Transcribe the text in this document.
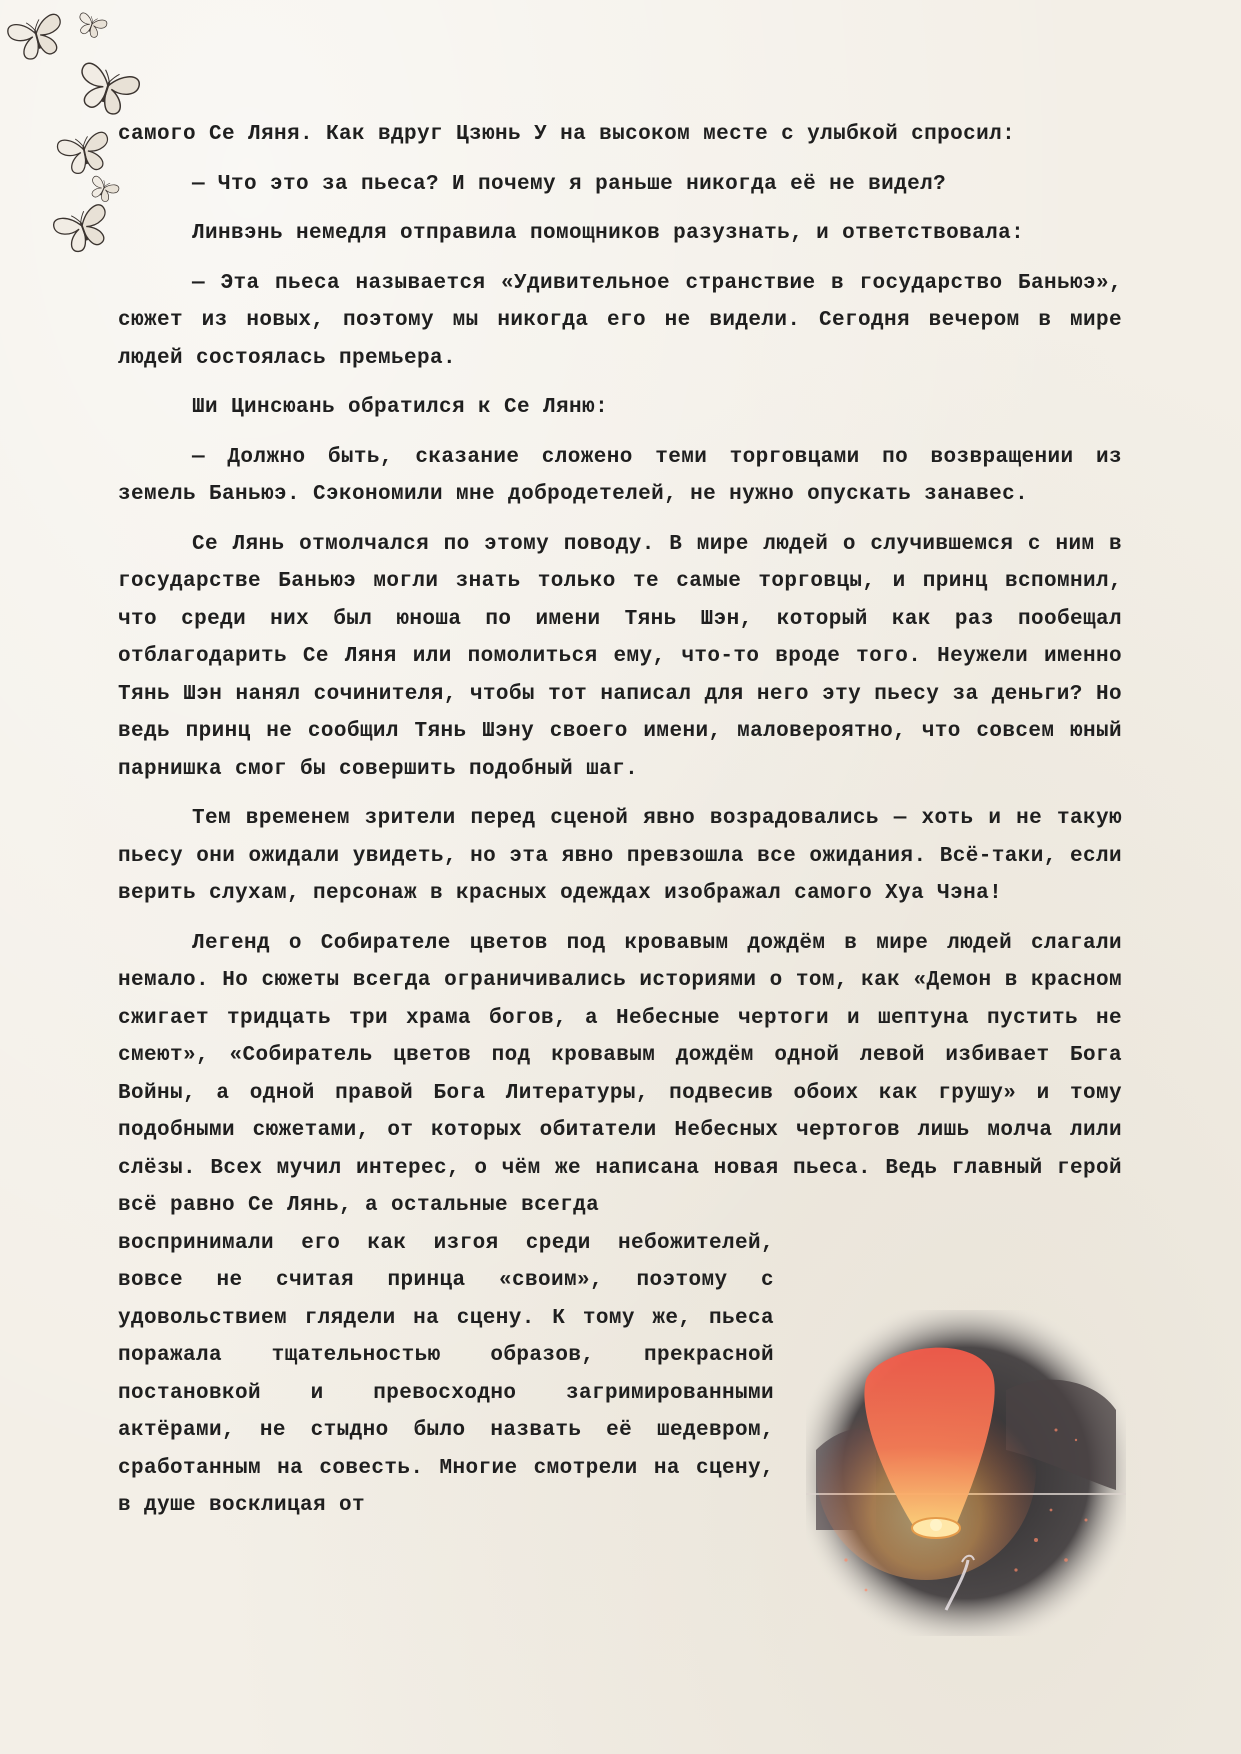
самого Се Ляня. Как вдруг Цзюнь У на высоком месте с улыбкой спросил:

— Что это за пьеса? И почему я раньше никогда её не видел?

Линвэнь немедля отправила помощников разузнать, и ответствовала:

— Эта пьеса называется «Удивительное странствие в государство Баньюэ», сюжет из новых, поэтому мы никогда его не видели. Сегодня вечером в мире людей состоялась премьера.

Ши Цинсюань обратился к Се Ляню:

— Должно быть, сказание сложено теми торговцами по возвращении из земель Баньюэ. Сэкономили мне добродетелей, не нужно опускать занавес.

Се Лянь отмолчался по этому поводу. В мире людей о случившемся с ним в государстве Баньюэ могли знать только те самые торговцы, и принц вспомнил, что среди них был юноша по имени Тянь Шэн, который как раз пообещал отблагодарить Се Ляня или помолиться ему, что-то вроде того. Неужели именно Тянь Шэн нанял сочинителя, чтобы тот написал для него эту пьесу за деньги? Но ведь принц не сообщил Тянь Шэну своего имени, маловероятно, что совсем юный парнишка смог бы совершить подобный шаг.

Тем временем зрители перед сценой явно возрадовались — хоть и не такую пьесу они ожидали увидеть, но эта явно превзошла все ожидания. Всё-таки, если верить слухам, персонаж в красных одеждах изображал самого Хуа Чэна!

Легенд о Собирателе цветов под кровавым дождём в мире людей слагали немало. Но сюжеты всегда ограничивались историями о том, как «Демон в красном сжигает тридцать три храма богов, а Небесные чертоги и шептуна пустить не смеют», «Собиратель цветов под кровавым дождём одной левой избивает Бога Войны, а одной правой Бога Литературы, подвесив обоих как грушу» и тому подобными сюжетами, от которых обитатели Небесных чертогов лишь молча лили слёзы. Всех мучил интерес, о чём же написана новая пьеса. Ведь главный герой всё равно Се Лянь, а остальные всегда

воспринимали его как изгоя среди небожителей, вовсе не считая принца «своим», поэтому с удовольствием глядели на сцену. К тому же, пьеса поражала тщательностью образов, прекрасной постановкой и превосходно загримированными актёрами, не стыдно было назвать её шедевром, сработанным на совесть. Многие смотрели на сцену, в душе восклицая от
